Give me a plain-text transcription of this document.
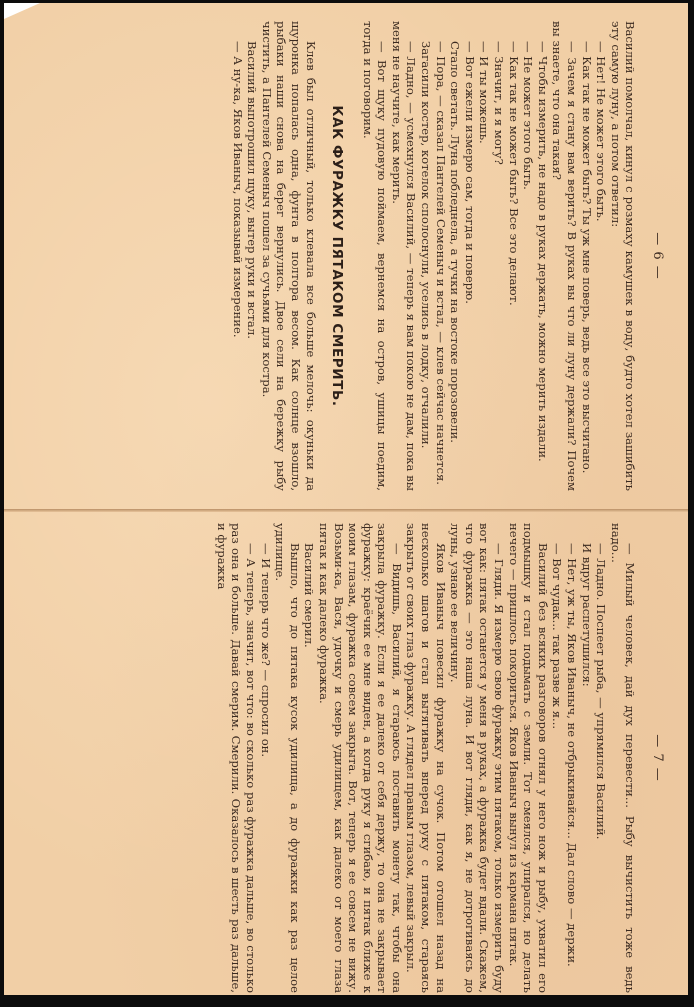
— 6 —

Василий помолчал, кинул с розмаху камушек в воду, будто хотел зашибить эту самую луну, а потом ответил:

— Нет! Не может этого быть.

— Как так не может быть? Ты уж мне поверь, ведь все это высчитано.

— Зачем я стану вам верить? В руках вы что ли луну держали? Почем вы знаете, что она такая?

— Чтобы измерить, не надо в руках держать, можно мерить издали.

— Не может этого быть.

— Как так не может быть? Все это делают.

— Значит, и я могу?

— И ты можешь.

— Вот ежели измерю сам, тогда и поверю.

Стало светать. Луна побледнела, а тучки на востоке порозовели.

— Пора, — сказал Пантелей Семеныч и встал, — клев сейчас начнется.

Загасили костер, котелок сполоснули, уселись в лодку, отчалили.

— Ладно, — усмехнулся Василий, — теперь я вам покою не дам, пока вы меня не научите, как мерить.

— Вот щуку пудовую поймаем, вернемся на остров, ушицы поедим, тогда и поговорим.

КАК ФУРАЖКУ ПЯТАКОМ СМЕРИТЬ.

Клев был отличный, только клевала все больше мелочь: окуньки да щуронка попалась одна, фунта в полтора весом. Как солнце взошло, рыбаки наши снова на берег вернулись. Двое сели на бережку рыбу чистить, а Пантелей Семеныч пошел за сучьями для костра.

Василий выпотрошил щуку, вытер руки и встал.

— А ну-ка, Яков Иваныч, показывай измерение.

— 7 —

— Милый человек, дай дух перевести... Рыбу вычистить тоже ведь надо...

— Ладно. Поспеет рыба, — упрямился Василий.

И вдруг распетушился:

— Нет, уж ты, Яков Иваныч, не отбрыкивайся... Дал слово — держи.

— Вот чудак... так разве ж я...

Василий без всяких разговоров отнял у него нож и рыбу, ухватил его подмышку и стал подымать с земли. Тот смеялся, упирался, но делать нечего — пришлось покориться. Яков Иваныч вынул из кармана пятак.

— Гляди. Я измерю свою фуражку этим пятаком, только измерить буду вот как: пятак останется у меня в руках, а фуражка будет вдали. Скажем, что фуражка — это наша луна. И вот гляди, как я, не дотрогиваясь до луны, узнаю ее величину.

Яков Иваныч повесил фуражку на сучок. Потом отошел назад на несколько шагов и стал вытягивать вперед руку с пятаком, стараясь закрыть от своих глаз фуражку. А глядел правым глазом, левый закрыл.

— Видишь, Василий, я стараюсь поставить монету так, чтобы она закрыла фуражку. Если я ее далеко от себя держу, то она не закрывает фуражку: краёчик ее мне виден, а когда руку я сгибаю, и пятак ближе к моим глазам, фуражка совсем закрыта. Вот, теперь я ее совсем не вижу. Возьми-ка, Вася, удочку и смерь удилищем, как далеко от моего глаза пятак и как далеко фуражка.

Василий смерил.

Вышло, что до пятака кусок удилища, а до фуражки как раз целое удилище.

— И теперь что же? — спросил он.

— А теперь, значит, вот что: во сколько раз фуражка дальше, во столько раз она и больше. Давай смерим. Смерили. Оказалось в шесть раз дальше, и фуражка
